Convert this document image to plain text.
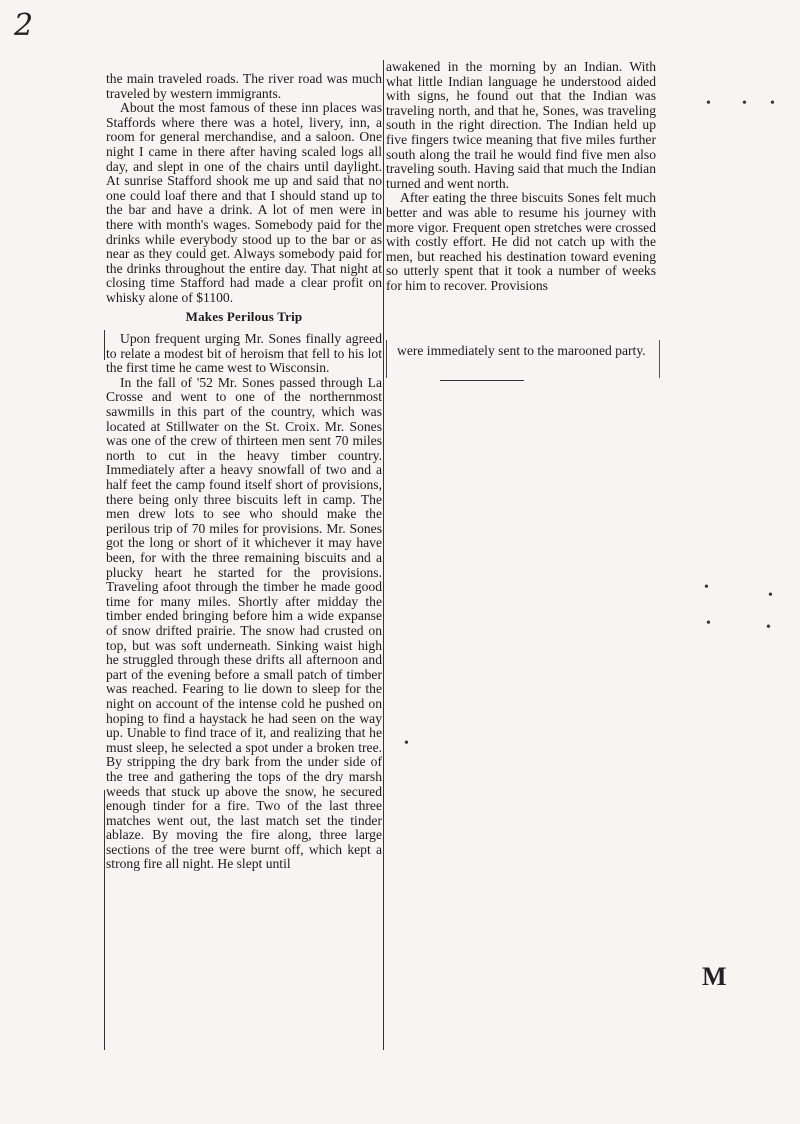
2

the main traveled roads. The river road was much traveled by western immigrants.

About the most famous of these inn places was Staffords where there was a hotel, livery, inn, a room for general merchandise, and a saloon. One night I came in there after having scaled logs all day, and slept in one of the chairs until daylight. At sunrise Stafford shook me up and said that no one could loaf there and that I should stand up to the bar and have a drink. A lot of men were in there with month's wages. Somebody paid for the drinks while everybody stood up to the bar or as near as they could get. Always somebody paid for the drinks throughout the entire day. That night at closing time Stafford had made a clear profit on whisky alone of $1100.

Makes Perilous Trip

Upon frequent urging Mr. Sones finally agreed to relate a modest bit of heroism that fell to his lot the first time he came west to Wisconsin.

In the fall of '52 Mr. Sones passed through La Crosse and went to one of the northernmost sawmills in this part of the country, which was located at Stillwater on the St. Croix. Mr. Sones was one of the crew of thirteen men sent 70 miles north to cut in the heavy timber country. Immediately after a heavy snowfall of two and a half feet the camp found itself short of provisions, there being only three biscuits left in camp. The men drew lots to see who should make the perilous trip of 70 miles for provisions. Mr. Sones got the long or short of it whichever it may have been, for with the three remaining biscuits and a plucky heart he started for the provisions. Traveling afoot through the timber he made good time for many miles. Shortly after midday the timber ended bringing before him a wide expanse of snow drifted prairie. The snow had crusted on top, but was soft underneath. Sinking waist high he struggled through these drifts all afternoon and part of the evening before a small patch of timber was reached. Fearing to lie down to sleep for the night on account of the intense cold he pushed on hoping to find a haystack he had seen on the way up. Unable to find trace of it, and realizing that he must sleep, he selected a spot under a broken tree. By stripping the dry bark from the under side of the tree and gathering the tops of the dry marsh weeds that stuck up above the snow, he secured enough tinder for a fire. Two of the last three matches went out, the last match set the tinder ablaze. By moving the fire along, three large sections of the tree were burnt off, which kept a strong fire all night. He slept until

awakened in the morning by an Indian. With what little Indian language he understood aided with signs, he found out that the Indian was traveling north, and that he, Sones, was traveling south in the right direction. The Indian held up five fingers twice meaning that five miles further south along the trail he would find five men also traveling south. Having said that much the Indian turned and went north.

After eating the three biscuits Sones felt much better and was able to resume his journey with more vigor. Frequent open stretches were crossed with costly effort. He did not catch up with the men, but reached his destination toward evening so utterly spent that it took a number of weeks for him to recover. Provisions

were immediately sent to the marooned party.

• • •
•
•
•	•
•
M
